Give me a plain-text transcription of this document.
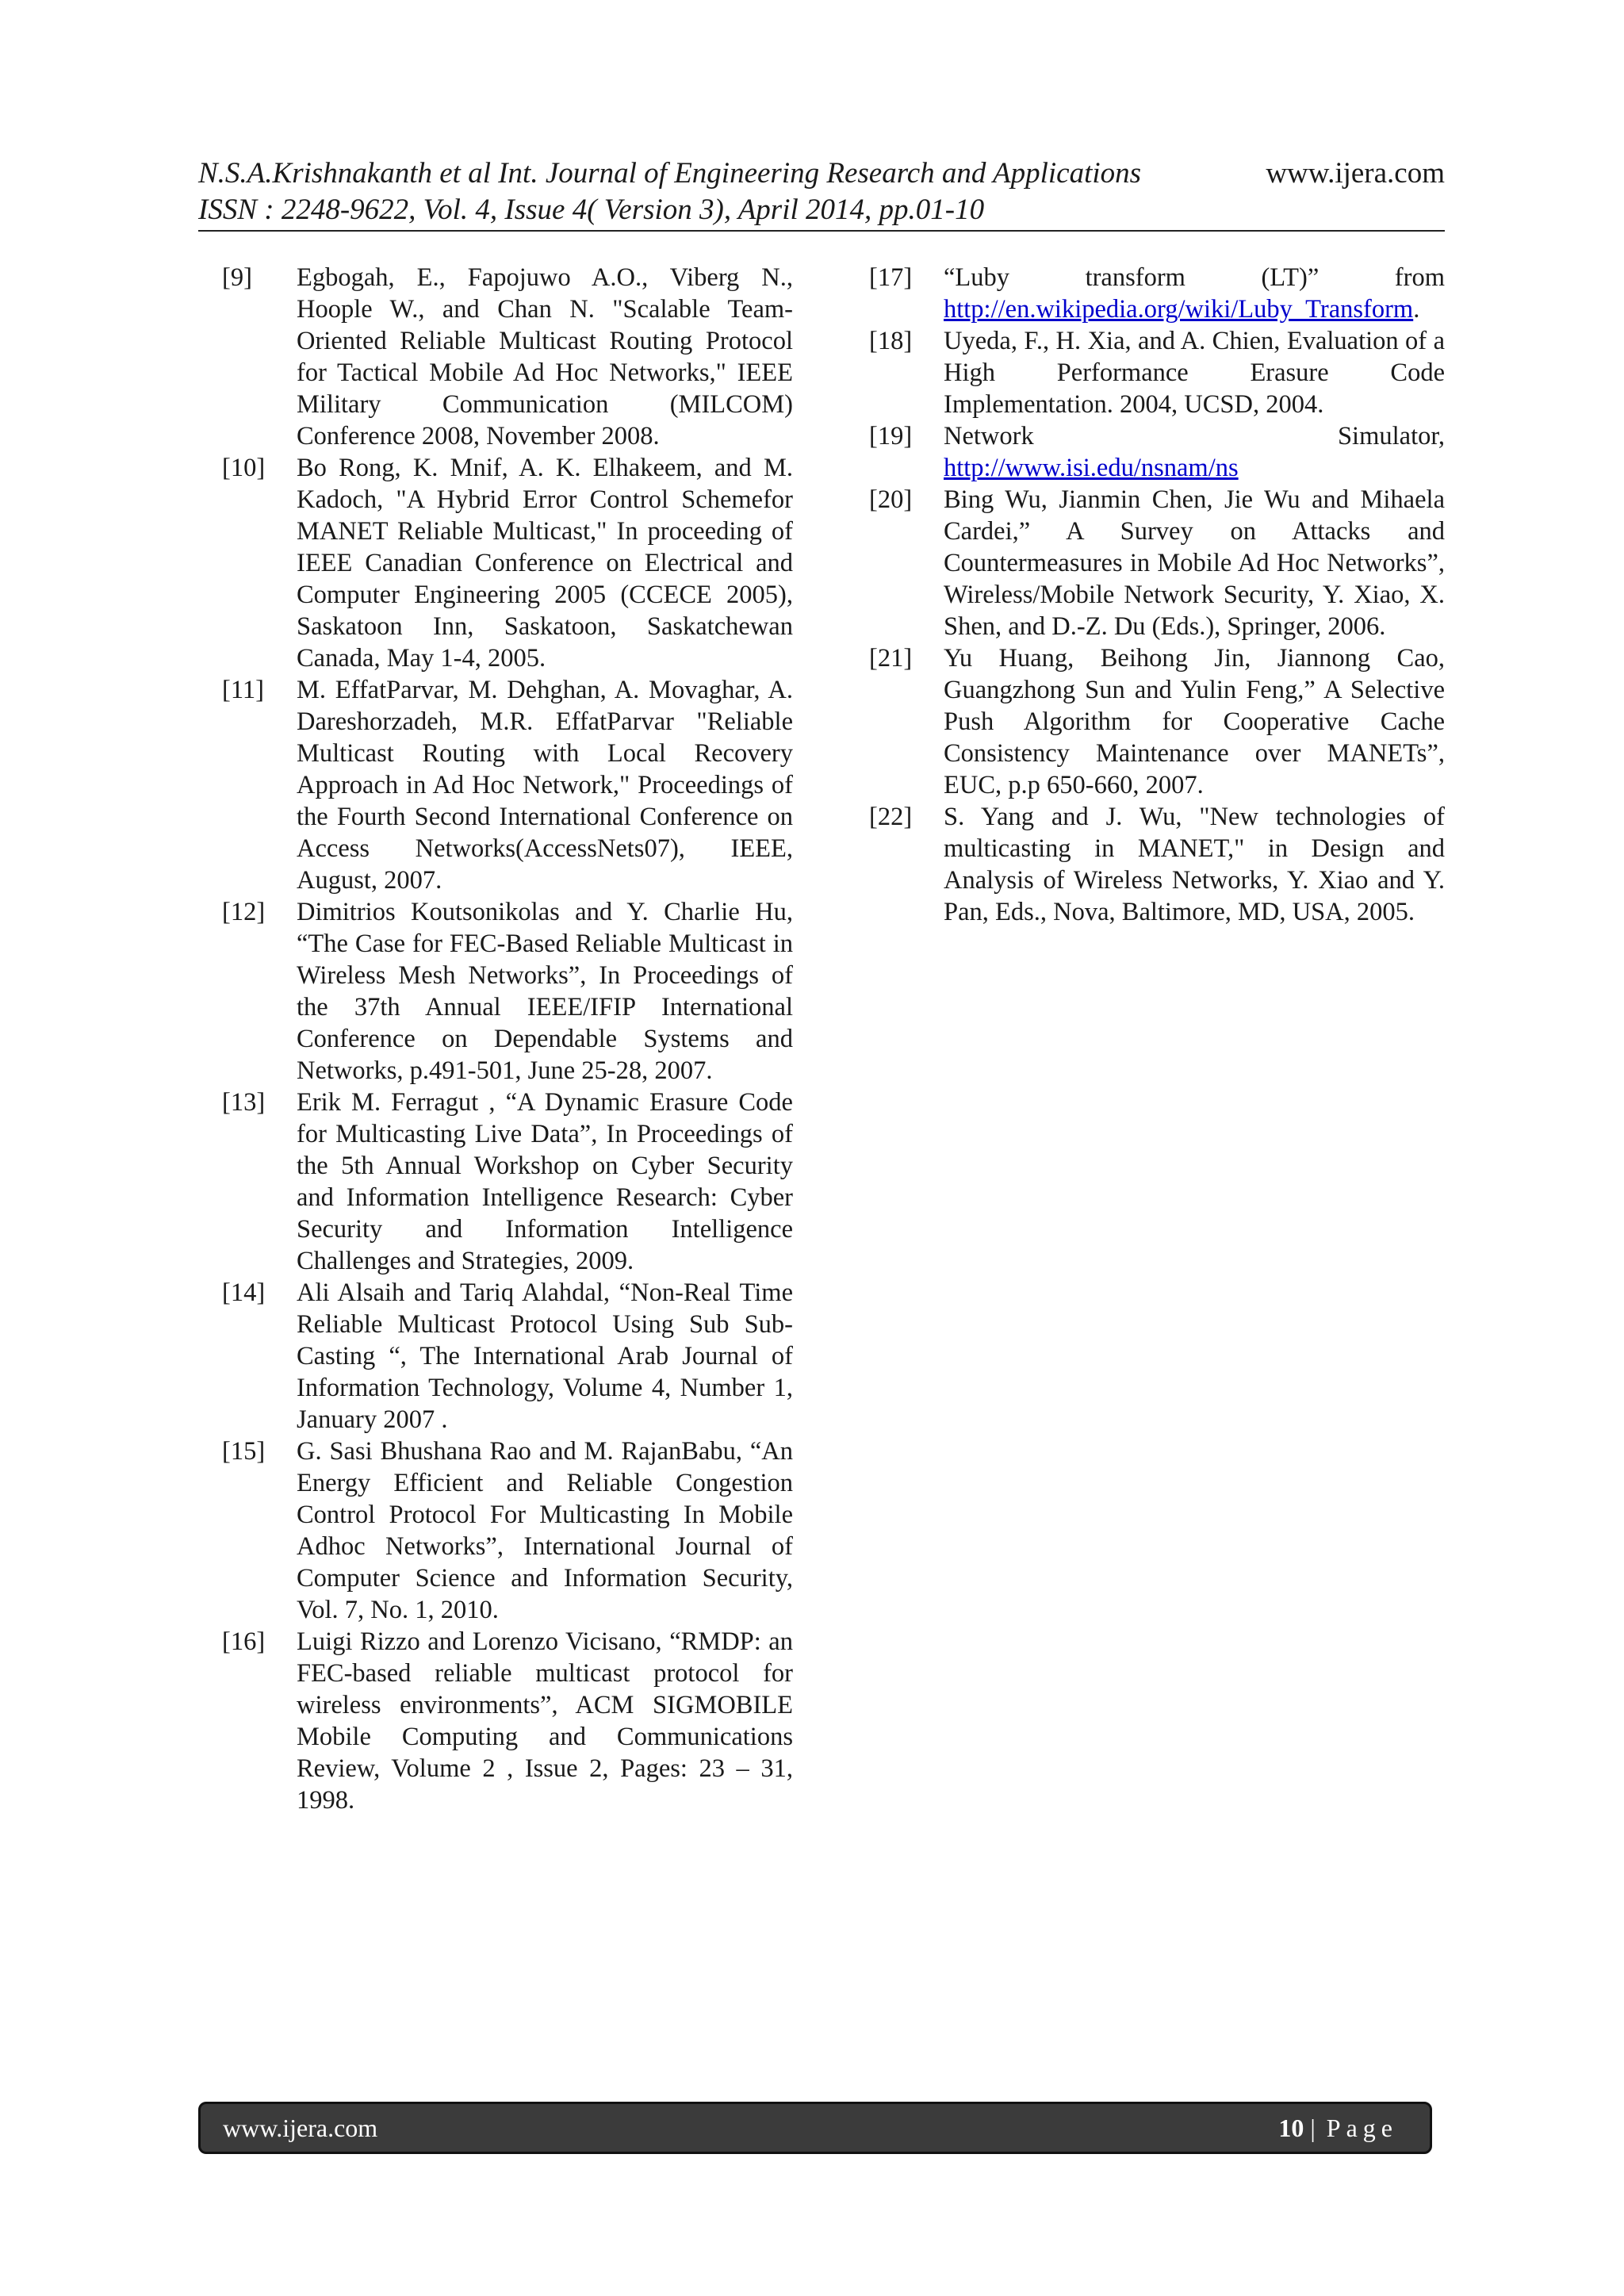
N.S.A.Krishnakanth et al Int. Journal of Engineering Research and Applications	www.ijera.com
ISSN : 2248-9622, Vol. 4, Issue 4( Version 3), April 2014, pp.01-10
[9]	Egbogah, E., Fapojuwo A.O., Viberg N., Hoople W., and Chan N. "Scalable Team-Oriented Reliable Multicast Routing Protocol for Tactical Mobile Ad Hoc Networks," IEEE Military Communication (MILCOM) Conference 2008, November 2008.
[10]	Bo Rong, K. Mnif, A. K. Elhakeem, and M. Kadoch, "A Hybrid Error Control Schemefor MANET Reliable Multicast," In proceeding of IEEE Canadian Conference on Electrical and Computer Engineering 2005 (CCECE 2005), Saskatoon Inn, Saskatoon, Saskatchewan Canada, May 1-4, 2005.
[11]	M. EffatParvar, M. Dehghan, A. Movaghar, A. Dareshorzadeh, M.R. EffatParvar "Reliable Multicast Routing with Local Recovery Approach in Ad Hoc Network," Proceedings of the Fourth Second International Conference on Access Networks(AccessNets07), IEEE, August, 2007.
[12]	Dimitrios Koutsonikolas and Y. Charlie Hu, “The Case for FEC-Based Reliable Multicast in Wireless Mesh Networks”, In Proceedings of the 37th Annual IEEE/IFIP International Conference on Dependable Systems and Networks, p.491-501, June 25-28, 2007.
[13]	Erik M. Ferragut , “A Dynamic Erasure Code for Multicasting Live Data”, In Proceedings of the 5th Annual Workshop on Cyber Security and Information Intelligence Research: Cyber Security and Information Intelligence Challenges and Strategies, 2009.
[14]	Ali Alsaih and Tariq Alahdal, “Non-Real Time Reliable Multicast Protocol Using Sub Sub-Casting “, The International Arab Journal of Information Technology, Volume 4, Number 1, January 2007 .
[15]	G. Sasi Bhushana Rao and M. RajanBabu, “An Energy Efficient and Reliable Congestion Control Protocol For Multicasting In Mobile Adhoc Networks”, International Journal of Computer Science and Information Security, Vol. 7, No. 1, 2010.
[16]	Luigi Rizzo and Lorenzo Vicisano, “RMDP: an FEC-based reliable multicast protocol for wireless environments”, ACM SIGMOBILE Mobile Computing and Communications Review, Volume 2 , Issue 2, Pages: 23 – 31, 1998.
[17]	“Luby transform (LT)” from
http://en.wikipedia.org/wiki/Luby_Transform.
[18]	Uyeda, F., H. Xia, and A. Chien, Evaluation of a High Performance Erasure Code Implementation. 2004, UCSD, 2004.
[19]	Network Simulator,
http://www.isi.edu/nsnam/ns
[20]	Bing Wu, Jianmin Chen, Jie Wu and Mihaela Cardei,” A Survey on Attacks and Countermeasures in Mobile Ad Hoc Networks”, Wireless/Mobile Network Security, Y. Xiao, X. Shen, and D.-Z. Du (Eds.), Springer, 2006.
[21]	Yu Huang, Beihong Jin, Jiannong Cao, Guangzhong Sun and Yulin Feng,” A Selective Push Algorithm for Cooperative Cache Consistency Maintenance over MANETs”, EUC, p.p 650-660, 2007.
[22]	S. Yang and J. Wu, "New technologies of multicasting in MANET," in Design and Analysis of Wireless Networks, Y. Xiao and Y. Pan, Eds., Nova, Baltimore, MD, USA, 2005.
www.ijera.com	10 | Page
